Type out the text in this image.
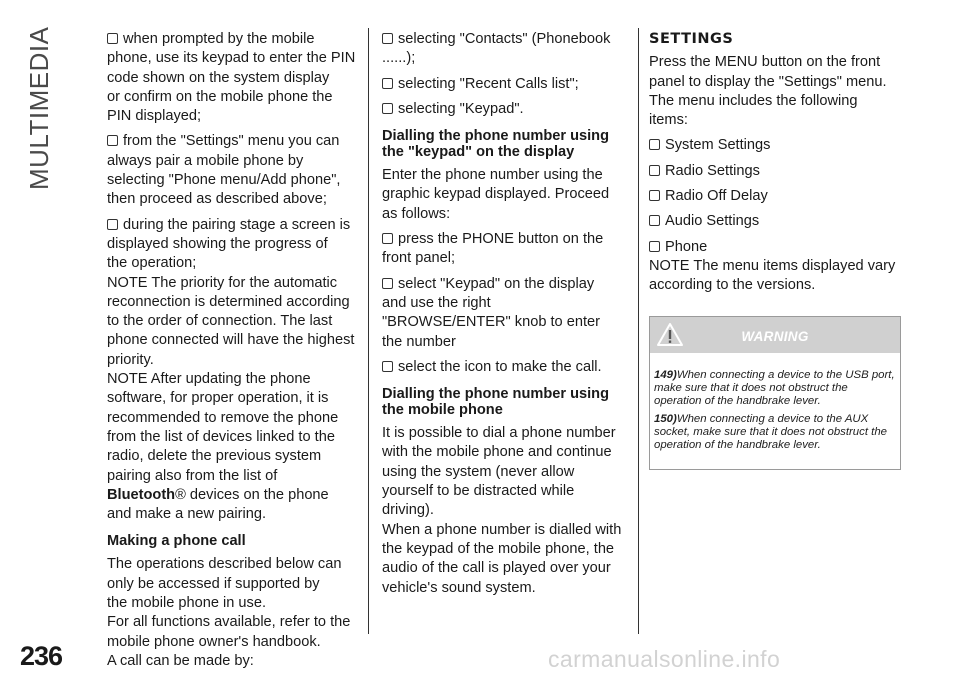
MULTIMEDIA	when prompted by the mobile phone, use its keypad to enter the PIN code shown on the system display

or confirm on the mobile phone the PIN displayed;

from the "Settings" menu you can always pair a mobile phone by selecting "Phone menu/Add phone", then proceed as described above;

during the pairing stage a screen is displayed showing the progress of

the operation;

NOTE The priority for the automatic reconnection is determined according to the order of connection. The last phone connected will have the highest priority.

NOTE After updating the phone software, for proper operation, it is recommended to remove the phone from the list of devices linked to the radio, delete the previous system pairing also from the list of Bluetooth® devices on the phone and make a new pairing.

Making a phone call

The operations described below can only be accessed if supported by

the mobile phone in use.

For all functions available, refer to the mobile phone owner's handbook.

A call can be made by:

selecting "Contacts" (Phonebook ......);

selecting "Recent Calls list";

selecting "Keypad".

Dialling the phone number using the "keypad" on the display

Enter the phone number using the graphic keypad displayed. Proceed as follows:

press the PHONE button on the front panel;

select "Keypad" on the display and use the right "BROWSE/ENTER" knob to enter the number

select the icon to make the call.

Dialling the phone number using the mobile phone

It is possible to dial a phone number with the mobile phone and continue using the system (never allow yourself to be distracted while driving).

When a phone number is dialled with the keypad of the mobile phone, the audio of the call is played over your vehicle's sound system.

SETTINGS

Press the MENU button on the front panel to display the "Settings" menu. The menu includes the following items:

System Settings

Radio Settings

Radio Off Delay

Audio Settings

Phone

NOTE The menu items displayed vary according to the versions.

WARNING

149)When connecting a device to the USB port, make sure that it does not obstruct the operation of the handbrake lever.

150)When connecting a device to the AUX socket, make sure that it does not obstruct the operation of the handbrake lever.

236	carmanualsonline.info
